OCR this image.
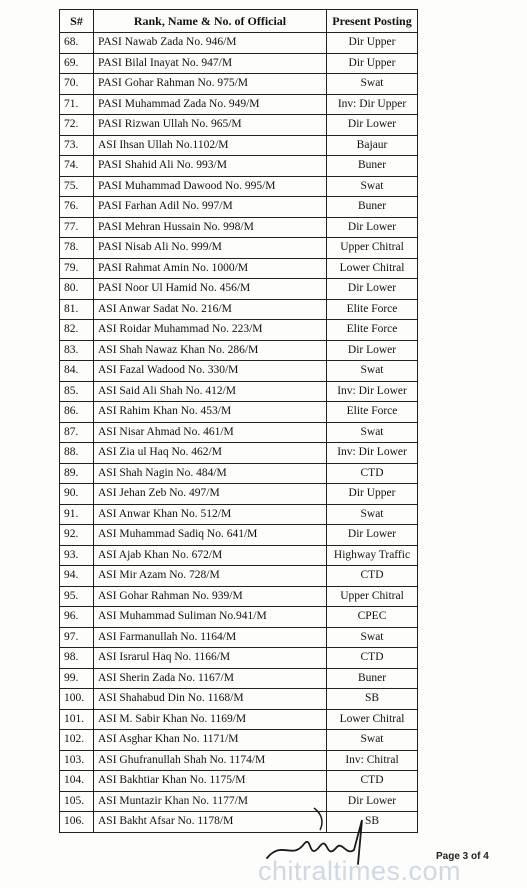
S#	Rank, Name & No. of Official	Present Posting
68.	PASI Nawab Zada No. 946/M	Dir Upper
69.	PASI Bilal Inayat No. 947/M	Dir Upper
70.	PASI Gohar Rahman No. 975/M	Swat
71.	PASI Muhammad Zada No. 949/M	Inv: Dir Upper
72.	PASI Rizwan Ullah No. 965/M	Dir Lower
73.	ASI Ihsan Ullah No.1102/M	Bajaur
74.	PASI Shahid Ali No. 993/M	Buner
75.	PASI Muhammad Dawood No. 995/M	Swat
76.	PASI Farhan Adil No. 997/M	Buner
77.	PASI Mehran Hussain No. 998/M	Dir Lower
78.	PASI Nisab Ali No. 999/M	Upper Chitral
79.	PASI Rahmat Amin No. 1000/M	Lower Chitral
80.	PASI Noor Ul Hamid No. 456/M	Dir Lower
81.	ASI Anwar Sadat No. 216/M	Elite Force
82.	ASI Roidar Muhammad No. 223/M	Elite Force
83.	ASI Shah Nawaz Khan No. 286/M	Dir Lower
84.	ASI Fazal Wadood No. 330/M	Swat
85.	ASI Said Ali Shah No. 412/M	Inv: Dir Lower
86.	ASI Rahim Khan No. 453/M	Elite Force
87.	ASI Nisar Ahmad No. 461/M	Swat
88.	ASI Zia ul Haq No. 462/M	Inv: Dir Lower
89.	ASI Shah Nagin No. 484/M	CTD
90.	ASI Jehan Zeb No. 497/M	Dir Upper
91.	ASI Anwar Khan No. 512/M	Swat
92.	ASI Muhammad Sadiq No. 641/M	Dir Lower
93.	ASI Ajab Khan No. 672/M	Highway Traffic
94.	ASI Mir Azam No. 728/M	CTD
95.	ASI Gohar Rahman No. 939/M	Upper Chitral
96.	ASI Muhammad Suliman No.941/M	CPEC
97.	ASI Farmanullah No. 1164/M	Swat
98.	ASI Israrul Haq No. 1166/M	CTD
99.	ASI Sherin Zada No. 1167/M	Buner
100.	ASI Shahabud Din No. 1168/M	SB
101.	ASI M. Sabir Khan No. 1169/M	Lower Chitral
102.	ASI Asghar Khan No. 1171/M	Swat
103.	ASI Ghufranullah Shah No. 1174/M	Inv: Chitral
104.	ASI Bakhtiar Khan No. 1175/M	CTD
105.	ASI Muntazir Khan No. 1177/M	Dir Lower
106.	ASI Bakht Afsar No. 1178/M	SB
chitraltimes.com
Page 3 of 4
